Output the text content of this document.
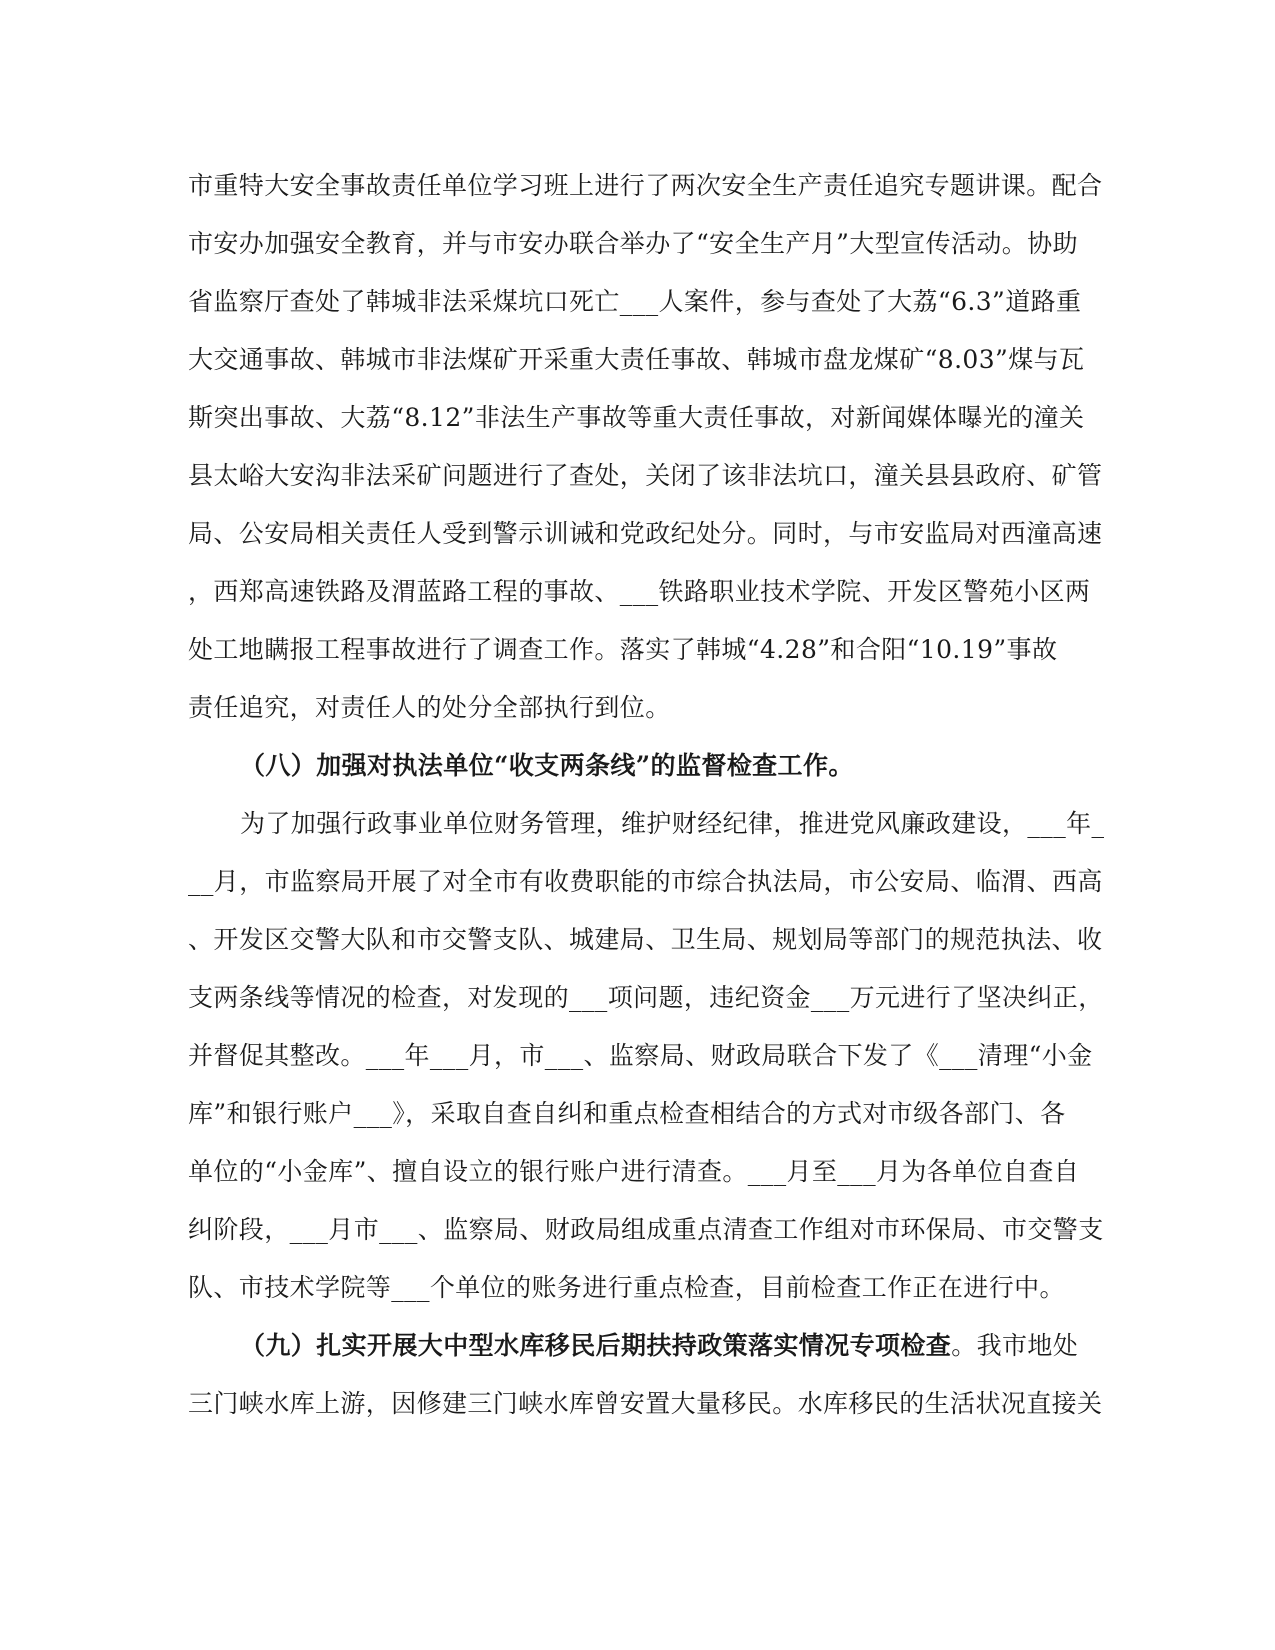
市重特大安全事故责任单位学习班上进行了两次安全生产责任追究专题讲课。配合
市安办加强安全教育，并与市安办联合举办了“安全生产月”大型宣传活动。协助
省监察厅查处了韩城非法采煤坑口死亡___人案件，参与查处了大荔“6.3”道路重
大交通事故、韩城市非法煤矿开采重大责任事故、韩城市盘龙煤矿“8.03”煤与瓦
斯突出事故、大荔“8.12”非法生产事故等重大责任事故，对新闻媒体曝光的潼关
县太峪大安沟非法采矿问题进行了查处，关闭了该非法坑口，潼关县县政府、矿管
局、公安局相关责任人受到警示训诫和党政纪处分。同时，与市安监局对西潼高速
，西郑高速铁路及渭蓝路工程的事故、___铁路职业技术学院、开发区警苑小区两
处工地瞒报工程事故进行了调查工作。落实了韩城“4.28”和合阳“10.19”事故
责任追究，对责任人的处分全部执行到位。
（八）加强对执法单位“收支两条线”的监督检查工作。
为了加强行政事业单位财务管理，维护财经纪律，推进党风廉政建设，___年_
__月，市监察局开展了对全市有收费职能的市综合执法局，市公安局、临渭、西高
、开发区交警大队和市交警支队、城建局、卫生局、规划局等部门的规范执法、收
支两条线等情况的检查，对发现的___项问题，违纪资金___万元进行了坚决纠正，
并督促其整改。___年___月，市___、监察局、财政局联合下发了《___清理“小金
库”和银行账户___》，采取自查自纠和重点检查相结合的方式对市级各部门、各
单位的“小金库”、擅自设立的银行账户进行清查。___月至___月为各单位自查自
纠阶段，___月市___、监察局、财政局组成重点清查工作组对市环保局、市交警支
队、市技术学院等___个单位的账务进行重点检查，目前检查工作正在进行中。
（九）扎实开展大中型水库移民后期扶持政策落实情况专项检查。我市地处
三门峡水库上游，因修建三门峡水库曾安置大量移民。水库移民的生活状况直接关
